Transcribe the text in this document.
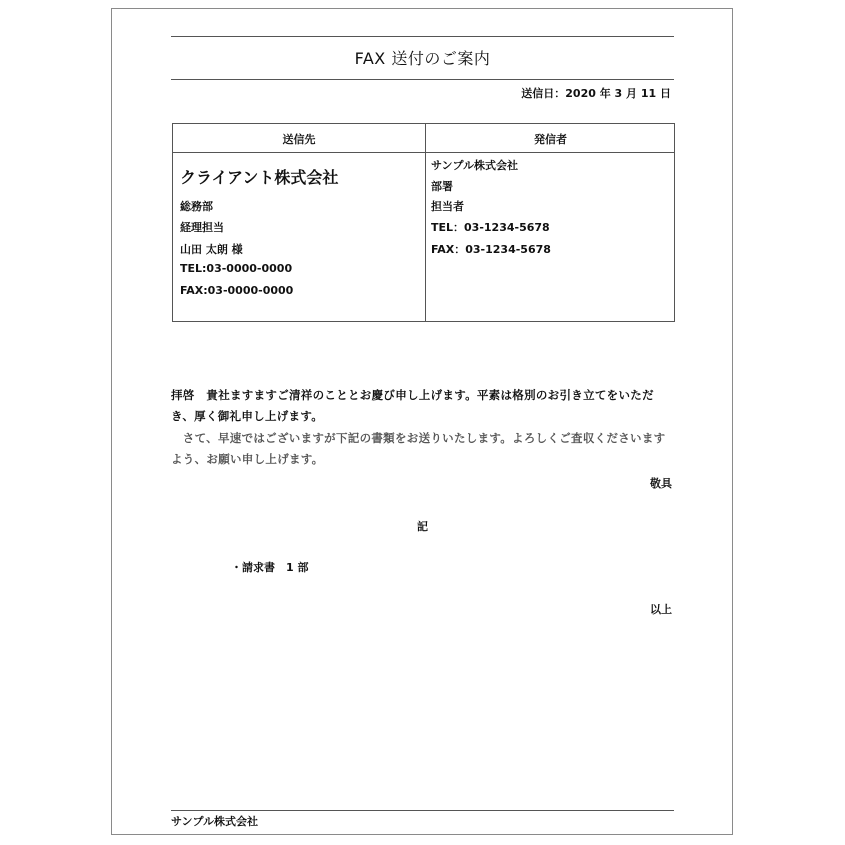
FAX 送付のご案内
送信日：2020 年 3 月 11 日
送信先	発信者
クライアント株式会社
総務部
経理担当
山田 太朗 様
TEL:03-0000-0000
FAX:03-0000-0000
サンプル株式会社
部署
担当者
TEL：03-1234-5678
FAX：03-1234-5678
拝啓　貴社ますますご清祥のこととお慶び申し上げます。平素は格別のお引き立てをいただき、厚く御礼申し上げます。
　さて、早速ではございますが下記の書類をお送りいたします。よろしくご査収くださいますよう、お願い申し上げます。
敬具
記
・請求書　1 部
以上
サンプル株式会社
